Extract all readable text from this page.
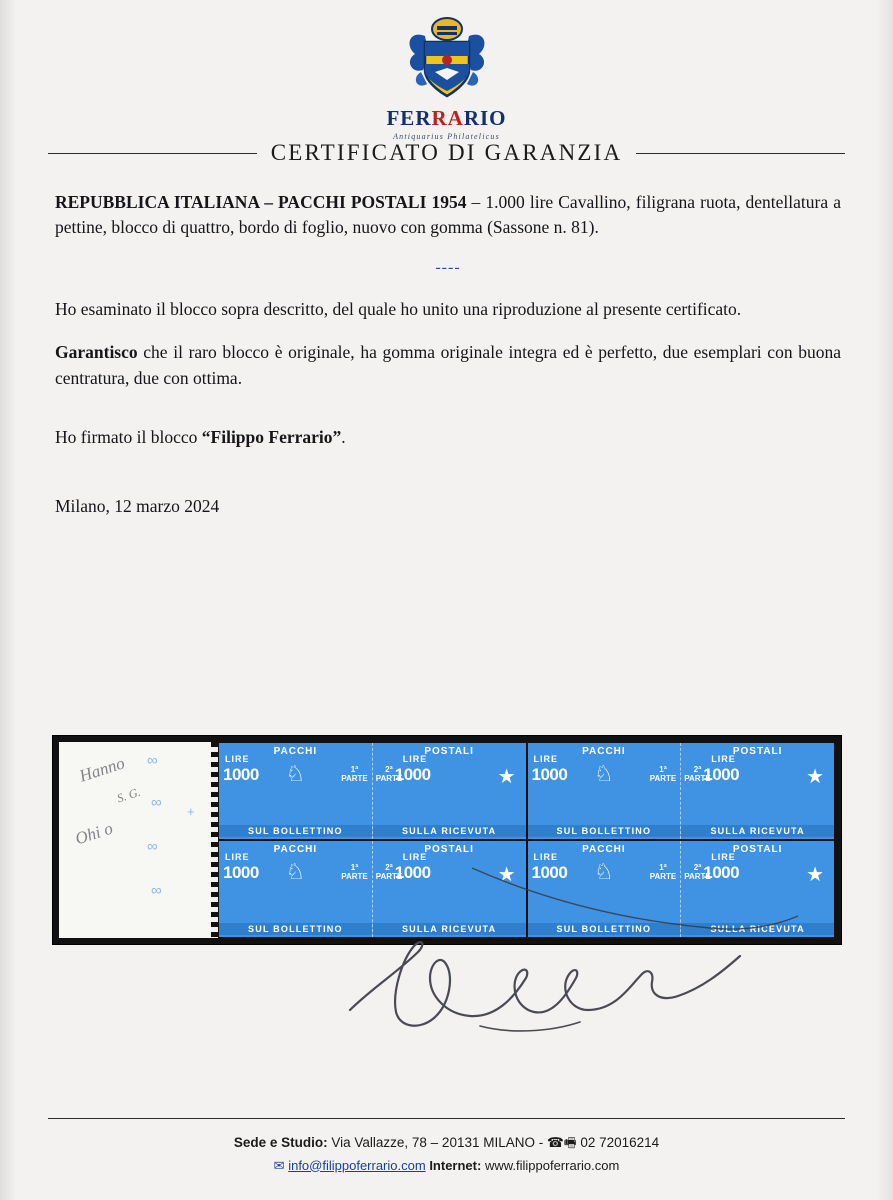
FERRARIO
Antiquarius Philatelicus
CERTIFICATO DI GARANZIA

REPUBBLICA ITALIANA – PACCHI POSTALI 1954 – 1.000 lire Cavallino, filigrana ruota, dentellatura a pettine, blocco di quattro, bordo di foglio, nuovo con gomma (Sassone n. 81).

----

Ho esaminato il blocco sopra descritto, del quale ho unito una riproduzione al presente certificato.

Garantisco che il raro blocco è originale, ha gomma originale integra ed è perfetto, due esemplari con buona centratura, due con ottima.

Ho firmato il blocco “Filippo Ferrario”.

Milano, 12 marzo 2024

∞
∞
∞
∞
+
Hanno
S. G.
Ohi o
PACCHI
LIRE
1000 ♘	1ª
PARTE
SUL BOLLETTINO
POSTALI
LIRE
1000
2ª
PARTE	★
SULLA RICEVUTA
PACCHI
LIRE
1000 ♘	1ª
PARTE
SUL BOLLETTINO
POSTALI
LIRE
1000
2ª
PARTE	★
SULLA RICEVUTA
PACCHI
LIRE
1000 ♘	1ª
PARTE
SUL BOLLETTINO
POSTALI
LIRE
1000
2ª
PARTE	★
SULLA RICEVUTA
PACCHI
LIRE
1000 ♘	1ª
PARTE
SUL BOLLETTINO
POSTALI
LIRE
1000
2ª
PARTE	★
SULLA RICEVUTA
Sede e Studio: Via Vallazze, 78 – 20131 MILANO - ☎🖷 02 72016214
✉ info@filippoferrario.com Internet: www.filippoferrario.com
